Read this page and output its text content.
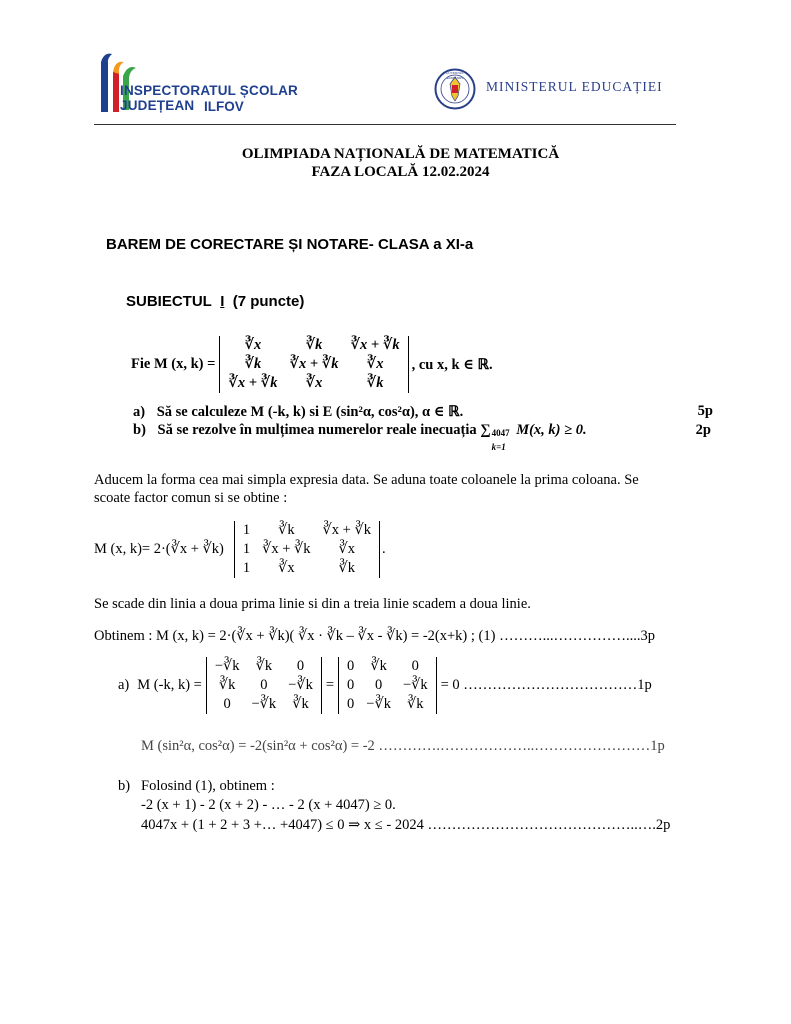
INSPECTORATUL ȘCOLAR JUDEȚEAN ILFOV
GUVERNUL ROMÂNIEI
MINISTERUL EDUCAȚIEI
OLIMPIADA NAȚIONALĂ DE MATEMATICĂ
FAZA LOCALĂ 12.02.2024
BAREM DE CORECTARE ȘI NOTARE- CLASA a XI-a
SUBIECTUL I (7 puncte)
Fie M (x, k) =
∛x	∛k	∛x + ∛k
∛k	∛x + ∛k	∛x
∛x + ∛k	∛x	∛k
, cu x, k ∈ ℝ.
a) Să se calculeze M (-k, k) si E (sin²α, cos²α), α ∈ ℝ.	5p
b) Să se rezolve în mulțimea numerelor reale inecuația ∑ 4047
k=1
M(x, k) ≥ 0.	2p
Aducem la forma cea mai simpla expresia data. Se aduna toate coloanele la prima coloana. Se
scoate factor comun si se obtine :
M (x, k)= 2·(∛x + ∛k)
1	∛k	∛x + ∛k
1	∛x + ∛k	∛x
1	∛x	∛k
.
Se scade din linia a doua prima linie si din a treia linie scadem a doua linie.
Obtinem : M (x, k) = 2·(∛x + ∛k)( ∛x · ∛k – ∛x - ∛k) = -2(x+k) ; (1) ………...……………....3p
a) M (-k, k) =
−∛k	∛k	0
∛k	0	−∛k
0	−∛k	∛k
=
0	∛k	0
0	0	−∛k
0	−∛k	∛k
= 0 ………………………………1p
M (sin²α, cos²α) = -2(sin²α + cos²α) = -2 ………….………………..……………………1p
b) Folosind (1), obtinem :
-2 (x + 1) - 2 (x + 2) - … - 2 (x + 4047) ≥ 0.
4047x + (1 + 2 + 3 +… +4047) ≤ 0 ⇒ x ≤ - 2024 ……………………………………..….2p
